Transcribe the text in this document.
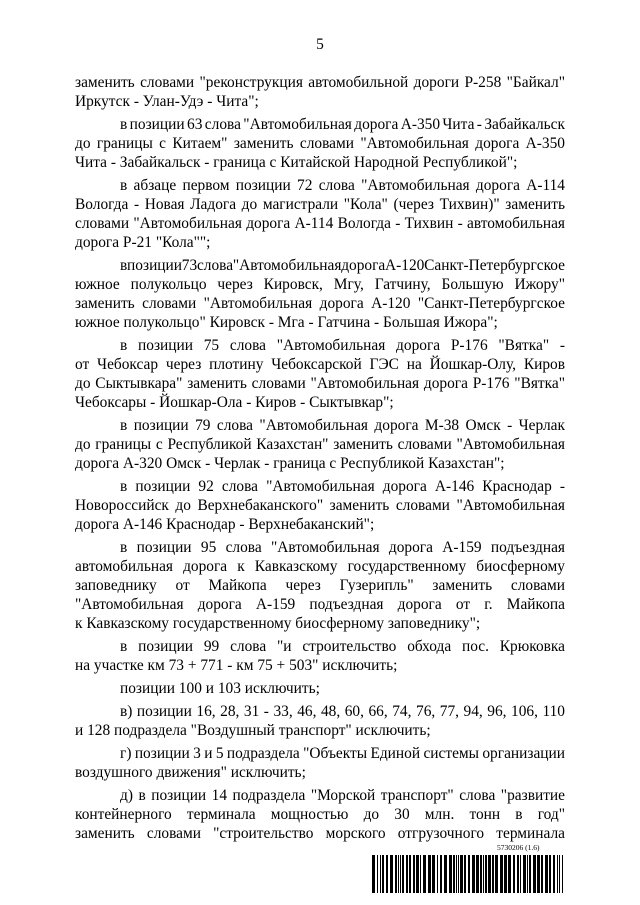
5
заменить словами "реконструкция автомобильной дороги Р-258 "Байкал"
Иркутск - Улан-Удэ - Чита";
в позиции 63 слова "Автомобильная дорога А-350 Чита - Забайкальск
до границы с Китаем" заменить словами "Автомобильная дорога А-350
Чита - Забайкальск - граница с Китайской Народной Республикой";
в абзаце первом позиции 72 слова "Автомобильная дорога А-114
Вологда - Новая Ладога до магистрали "Кола" (через Тихвин)" заменить
словами "Автомобильная дорога А-114 Вологда - Тихвин - автомобильная
дорога Р-21 "Кола"";
в позиции 73 слова "Автомобильная дорога А-120 Санкт-Петербургское
южное полукольцо через Кировск, Мгу, Гатчину, Большую Ижору"
заменить словами "Автомобильная дорога А-120 "Санкт-Петербургское
южное полукольцо" Кировск - Мга - Гатчина - Большая Ижора";
в позиции 75 слова "Автомобильная дорога Р-176 "Вятка" -
от Чебоксар через плотину Чебоксарской ГЭС на Йошкар-Олу, Киров
до Сыктывкара" заменить словами "Автомобильная дорога Р-176 "Вятка"
Чебоксары - Йошкар-Ола - Киров - Сыктывкар";
в позиции 79 слова "Автомобильная дорога М-38 Омск - Черлак
до границы с Республикой Казахстан" заменить словами "Автомобильная
дорога А-320 Омск - Черлак - граница с Республикой Казахстан";
в позиции 92 слова "Автомобильная дорога А-146 Краснодар -
Новороссийск до Верхнебаканского" заменить словами "Автомобильная
дорога А-146 Краснодар - Верхнебаканский";
в позиции 95 слова "Автомобильная дорога А-159 подъездная
автомобильная дорога к Кавказскому государственному биосферному
заповеднику от Майкопа через Гузерипль" заменить словами
"Автомобильная дорога А-159 подъездная дорога от г. Майкопа
к Кавказскому государственному биосферному заповеднику";
в позиции 99 слова "и строительство обхода пос. Крюковка
на участке км 73 + 771 - км 75 + 503" исключить;
позиции 100 и 103 исключить;
в) позиции 16, 28, 31 - 33, 46, 48, 60, 66, 74, 76, 77, 94, 96, 106, 110
и 128 подраздела "Воздушный транспорт" исключить;
г) позиции 3 и 5 подраздела "Объекты Единой системы организации
воздушного движения" исключить;
д) в позиции 14 подраздела "Морской транспорт" слова "развитие
контейнерного терминала мощностью до 30 млн. тонн в год"
заменить словами "строительство морского отгрузочного терминала
5730206 (1.6)
